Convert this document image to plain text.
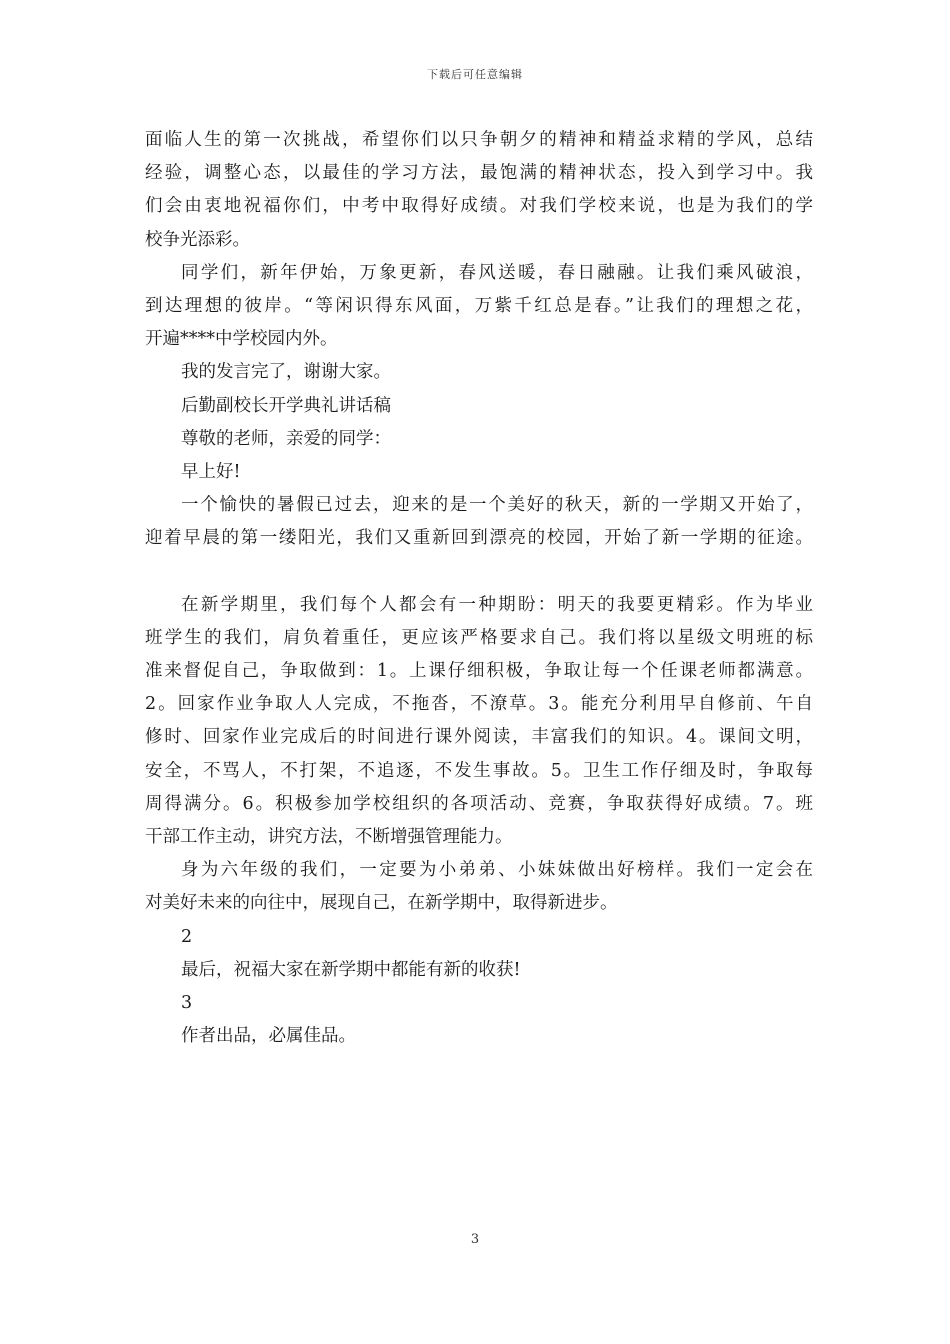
下载后可任意编辑
面临人生的第一次挑战，希望你们以只争朝夕的精神和精益求精的学风，总结
经验，调整心态，以最佳的学习方法，最饱满的精神状态，投入到学习中。我
们会由衷地祝福你们，中考中取得好成绩。对我们学校来说，也是为我们的学
校争光添彩。
同学们，新年伊始，万象更新，春风送暖，春日融融。让我们乘风破浪，
到达理想的彼岸。“等闲识得东风面，万紫千红总是春。”让我们的理想之花，
开遍****中学校园内外。
我的发言完了，谢谢大家。
后勤副校长开学典礼讲话稿
尊敬的老师，亲爱的同学：
早上好!
一个愉快的暑假已过去，迎来的是一个美好的秋天，新的一学期又开始了，
迎着早晨的第一缕阳光，我们又重新回到漂亮的校园，开始了新一学期的征途。
在新学期里，我们每个人都会有一种期盼：明天的我要更精彩。作为毕业
班学生的我们，肩负着重任，更应该严格要求自己。我们将以星级文明班的标
准来督促自己，争取做到：1。上课仔细积极，争取让每一个任课老师都满意。
2。回家作业争取人人完成，不拖沓，不潦草。3。能充分利用早自修前、午自
修时、回家作业完成后的时间进行课外阅读，丰富我们的知识。4。课间文明，
安全，不骂人，不打架，不追逐，不发生事故。5。卫生工作仔细及时，争取每
周得满分。6。积极参加学校组织的各项活动、竞赛，争取获得好成绩。7。班
干部工作主动，讲究方法，不断增强管理能力。
身为六年级的我们，一定要为小弟弟、小妹妹做出好榜样。我们一定会在
对美好未来的向往中，展现自己，在新学期中，取得新进步。
2
最后，祝福大家在新学期中都能有新的收获!
3
作者出品，必属佳品。
3
